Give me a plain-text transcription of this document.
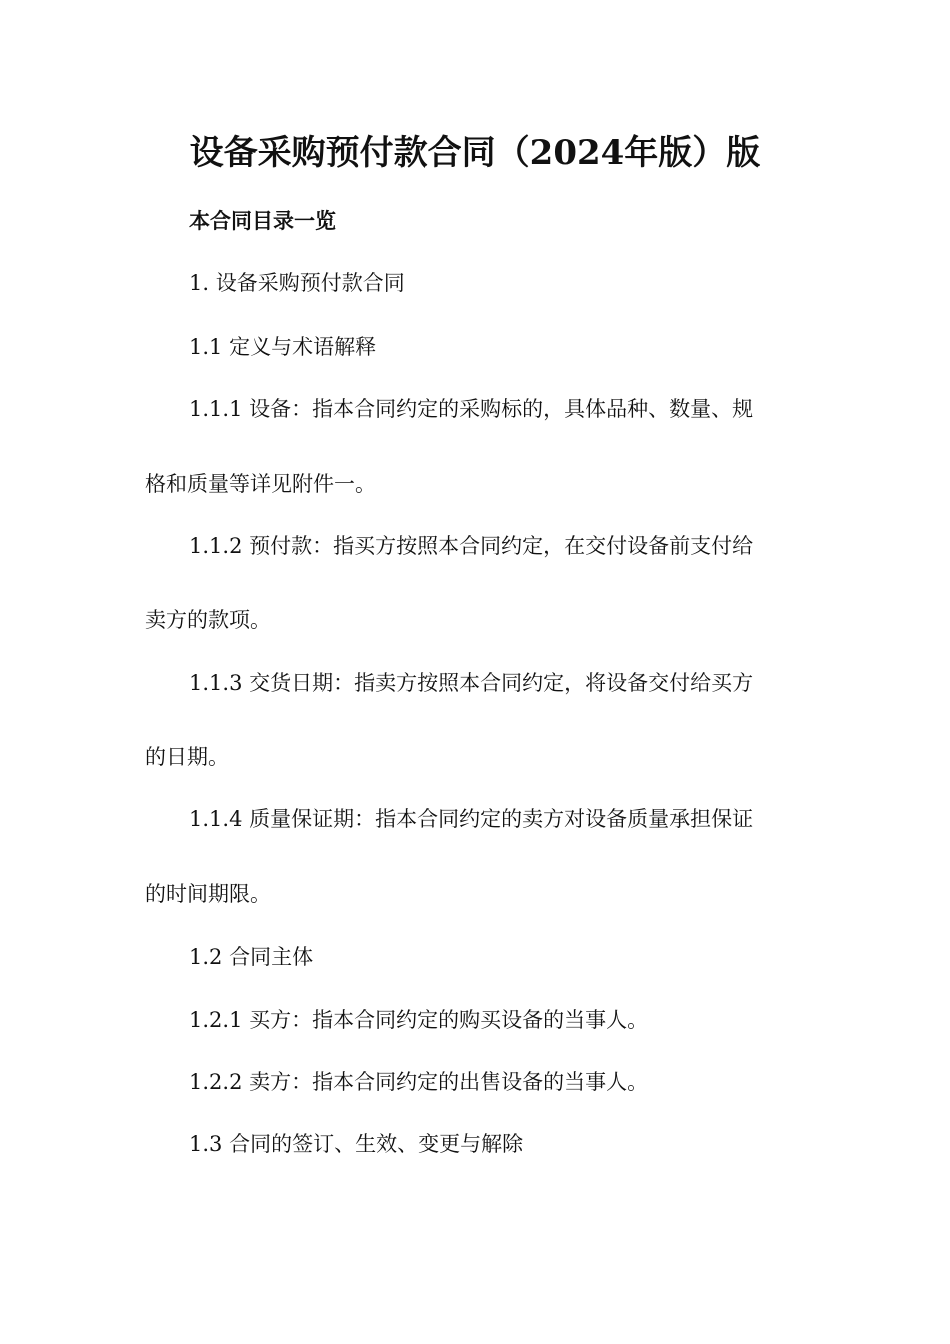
设备采购预付款合同（2024年版）版
本合同目录一览
1. 设备采购预付款合同
1.1 定义与术语解释
1.1.1 设备：指本合同约定的采购标的，具体品种、数量、规
格和质量等详见附件一。
1.1.2 预付款：指买方按照本合同约定，在交付设备前支付给
卖方的款项。
1.1.3 交货日期：指卖方按照本合同约定，将设备交付给买方
的日期。
1.1.4 质量保证期：指本合同约定的卖方对设备质量承担保证
的时间期限。
1.2 合同主体
1.2.1 买方：指本合同约定的购买设备的当事人。
1.2.2 卖方：指本合同约定的出售设备的当事人。
1.3 合同的签订、生效、变更与解除
